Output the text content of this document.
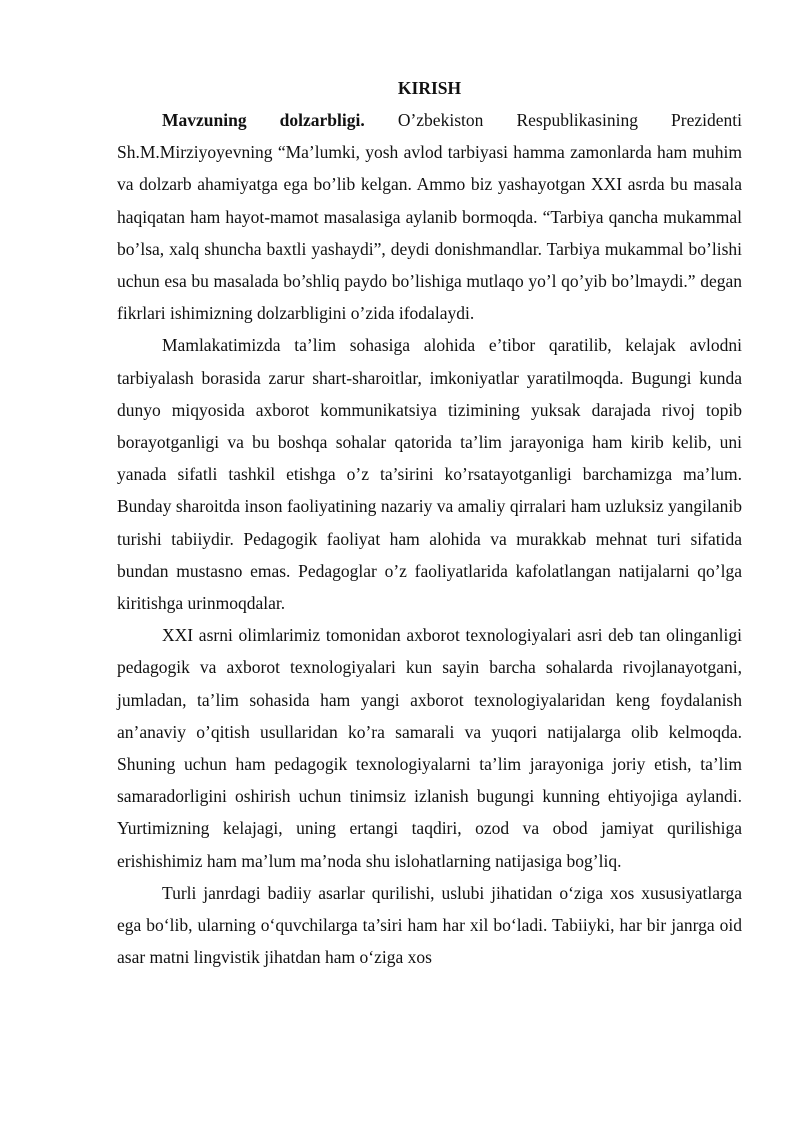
KIRISH

Mavzuning dolzarbligi. O’zbekiston Respublikasining Prezidenti Sh.M.Mirziyoyevning “Ma’lumki, yosh avlod tarbiyasi hamma zamonlarda ham muhim va dolzarb ahamiyatga ega bo’lib kelgan. Ammo biz yashayotgan XXI asrda bu masala haqiqatan ham hayot-mamot masalasiga aylanib bormoqda. “Tarbiya qancha mukammal bo’lsa, xalq shuncha baxtli yashaydi”, deydi donishmandlar. Tarbiya mukammal bo’lishi uchun esa bu masalada bo’shliq paydo bo’lishiga mutlaqo yo’l qo’yib bo’lmaydi.” degan fikrlari ishimizning dolzarbligini o’zida ifodalaydi.

Mamlakatimizda ta’lim sohasiga alohida e’tibor qaratilib, kelajak avlodni tarbiyalash borasida zarur shart-sharoitlar, imkoniyatlar yaratilmoqda. Bugungi kunda dunyo miqyosida axborot kommunikatsiya tizimining yuksak darajada rivoj topib borayotganligi va bu boshqa sohalar qatorida ta’lim jarayoniga ham kirib kelib, uni yanada sifatli tashkil etishga o’z ta’sirini ko’rsatayotganligi barchamizga ma’lum. Bunday sharoitda inson faoliyatining nazariy va amaliy qirralari ham uzluksiz yangilanib turishi tabiiydir. Pedagogik faoliyat ham alohida va murakkab mehnat turi sifatida bundan mustasno emas. Pedagoglar o’z faoliyatlarida kafolatlangan natijalarni qo’lga kiritishga urinmoqdalar.

XXI asrni olimlarimiz tomonidan axborot texnologiyalari asri deb tan olinganligi pedagogik va axborot texnologiyalari kun sayin barcha sohalarda rivojlanayotgani, jumladan, ta’lim sohasida ham yangi axborot texnologiyalaridan keng foydalanish an’anaviy o’qitish usullaridan ko’ra samarali va yuqori natijalarga olib kelmoqda. Shuning uchun ham pedagogik texnologiyalarni ta’lim jarayoniga joriy etish, ta’lim samaradorligini oshirish uchun tinimsiz izlanish bugungi kunning ehtiyojiga aylandi. Yurtimizning kelajagi, uning ertangi taqdiri, ozod va obod jamiyat qurilishiga erishishimiz ham ma’lum ma’noda shu islohatlarning natijasiga bog’liq.

Turli janrdagi badiiy asarlar qurilishi, uslubi jihatidan o‘ziga xos xususiyatlarga ega bo‘lib, ularning o‘quvchilarga ta’siri ham har xil bo‘ladi. Tabiiyki, har bir janrga oid asar matni lingvistik jihatdan ham o‘ziga xos
